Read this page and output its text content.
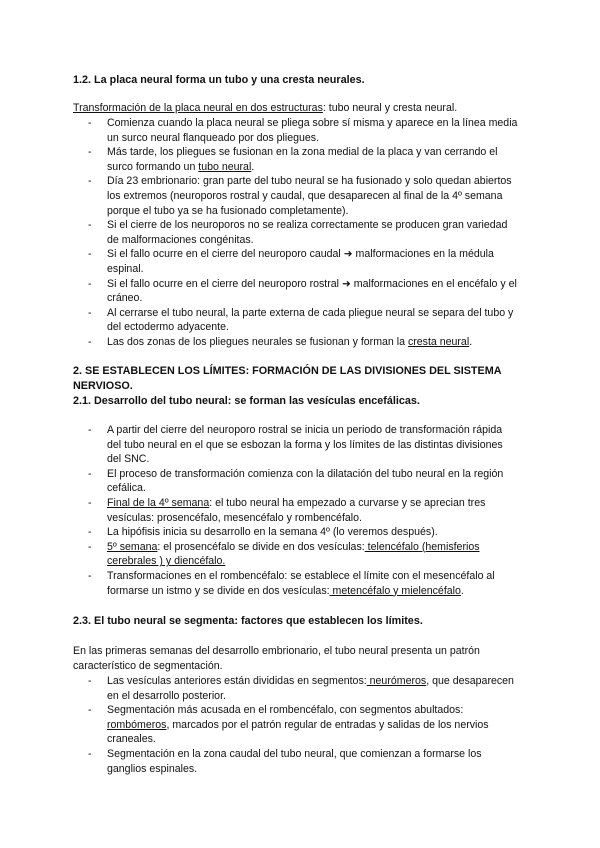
1.2. La placa neural forma un tubo y una cresta neurales.
Transformación de la placa neural en dos estructuras: tubo neural y cresta neural.
- Comienza cuando la placa neural se pliega sobre sí misma y aparece en la línea media un surco neural flanqueado por dos pliegues.
- Más tarde, los pliegues se fusionan en la zona medial de la placa y van cerrando el surco formando un tubo neural.
- Día 23 embrionario: gran parte del tubo neural se ha fusionado y solo quedan abiertos los extremos (neuroporos rostral y caudal, que desaparecen al final de la 4º semana porque el tubo ya se ha fusionado completamente).
- Si el cierre de los neuroporos no se realiza correctamente se producen gran variedad de malformaciones congénitas.
- Si el fallo ocurre en el cierre del neuroporo caudal ➜ malformaciones en la médula espinal.
- Si el fallo ocurre en el cierre del neuroporo rostral ➜ malformaciones en el encéfalo y el cráneo.
- Al cerrarse el tubo neural, la parte externa de cada pliegue neural se separa del tubo y del ectodermo adyacente.
- Las dos zonas de los pliegues neurales se fusionan y forman la cresta neural.
2. SE ESTABLECEN LOS LÍMITES: FORMACIÓN DE LAS DIVISIONES DEL SISTEMA
NERVIOSO.
2.1. Desarrollo del tubo neural: se forman las vesículas encefálicas.
- A partir del cierre del neuroporo rostral se inicia un periodo de transformación rápida del tubo neural en el que se esbozan la forma y los límites de las distintas divisiones del SNC.
- El proceso de transformación comienza con la dilatación del tubo neural en la región cefálica.
- Final de la 4º semana: el tubo neural ha empezado a curvarse y se aprecian tres vesículas: prosencéfalo, mesencéfalo y rombencéfalo.
- La hipófisis inicia su desarrollo en la semana 4º (lo veremos después).
- 5º semana: el prosencéfalo se divide en dos vesículas: telencéfalo (hemisferios cerebrales ) y diencéfalo.
- Transformaciones en el rombencéfalo: se establece el límite con el mesencéfalo al formarse un istmo y se divide en dos vesículas: metencéfalo y mielencéfalo.
2.3. El tubo neural se segmenta: factores que establecen los límites.
En las primeras semanas del desarrollo embrionario, el tubo neural presenta un patrón característico de segmentación.
- Las vesículas anteriores están divididas en segmentos: neurómeros, que desaparecen en el desarrollo posterior.
- Segmentación más acusada en el rombencéfalo, con segmentos abultados: rombómeros, marcados por el patrón regular de entradas y salidas de los nervios craneales.
- Segmentación en la zona caudal del tubo neural, que comienzan a formarse los ganglios espinales.
